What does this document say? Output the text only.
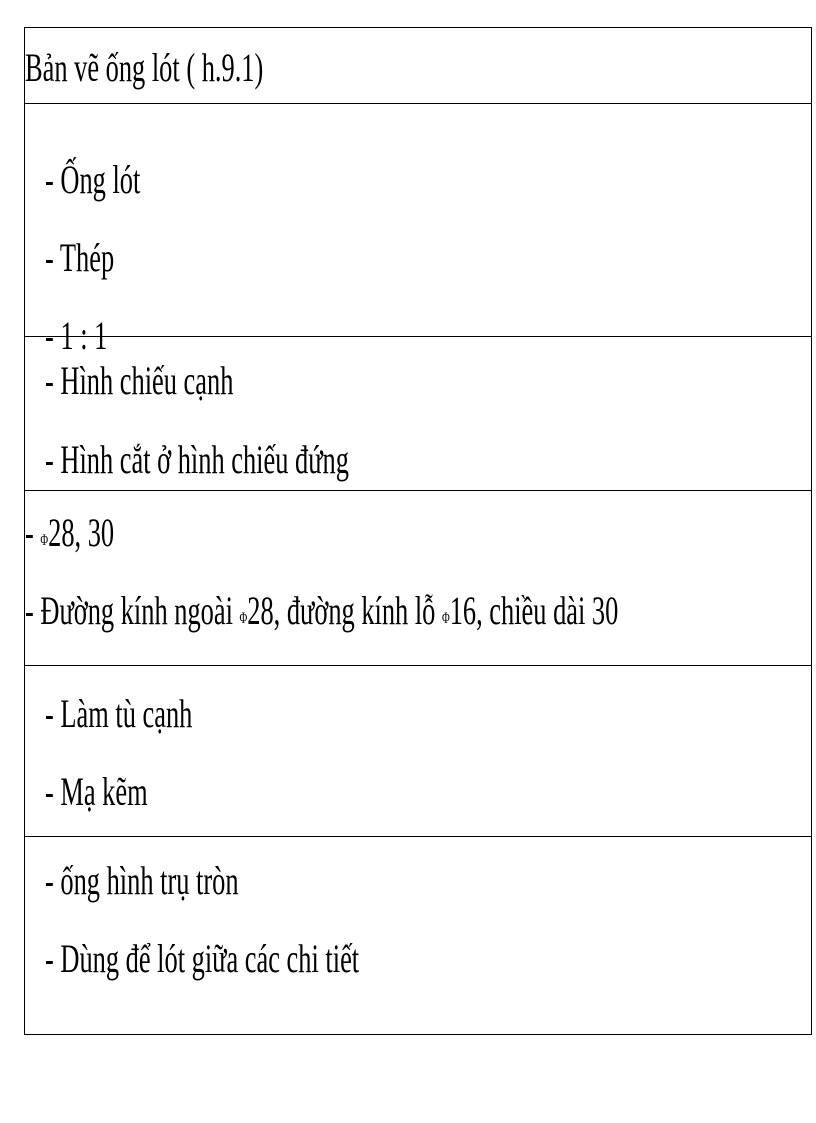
Bản vẽ ống lót ( h.9.1)
- Ống lót
- Thép
- 1 : 1
- Hình chiếu cạnh
- Hình cắt ở hình chiếu đứng
- Φ28, 30
- Đường kính ngoài Φ28, đường kính lỗ Φ16, chiều dài 30
- Làm tù cạnh
- Mạ kẽm
- ống hình trụ tròn
- Dùng để lót giữa các chi tiết
